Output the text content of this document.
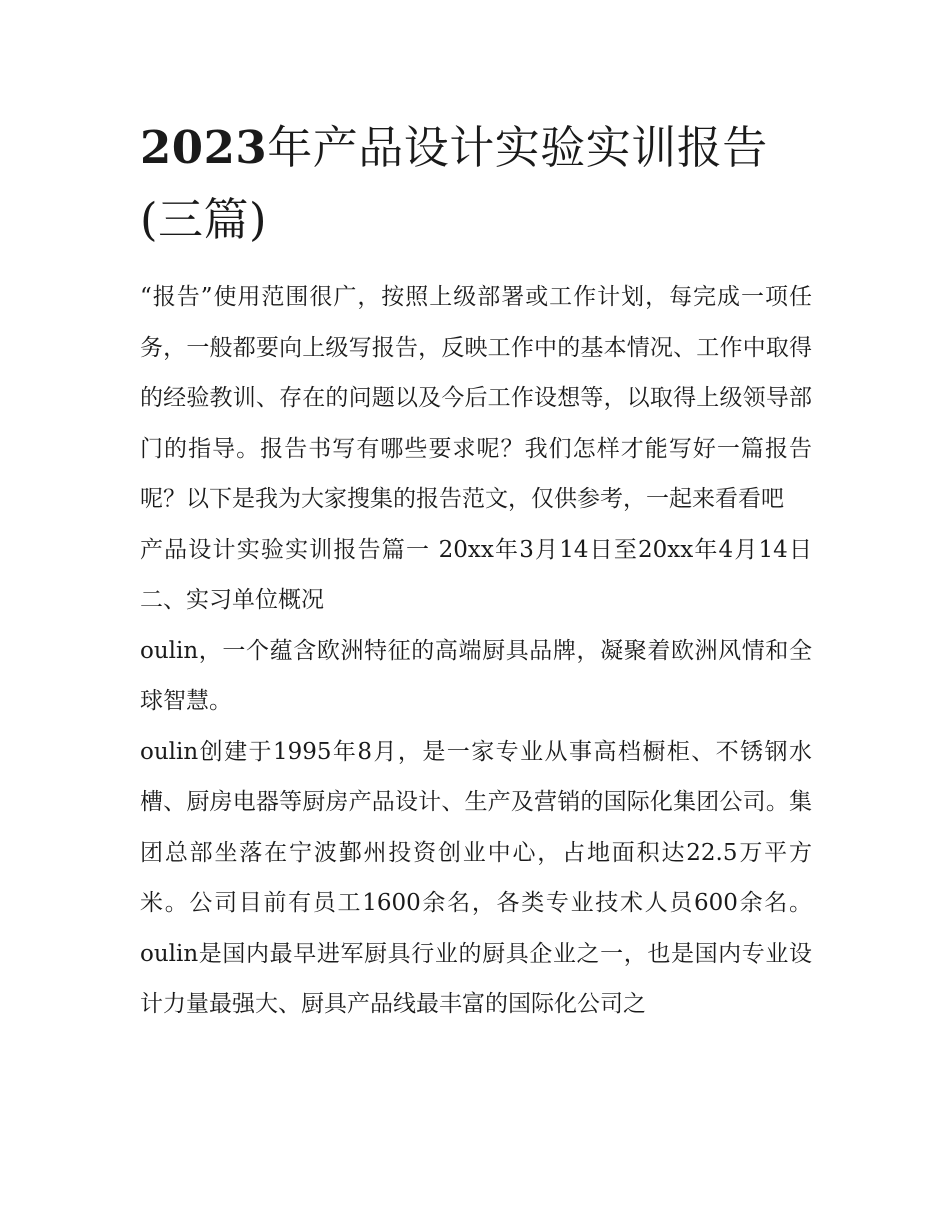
2023年产品设计实验实训报告(三篇)

“报告”使用范围很广，按照上级部署或工作计划，每完成一项任务，一般都要向上级写报告，反映工作中的基本情况、工作中取得的经验教训、存在的问题以及今后工作设想等，以取得上级领导部门的指导。报告书写有哪些要求呢？我们怎样才能写好一篇报告呢？以下是我为大家搜集的报告范文，仅供参考，一起来看看吧

产品设计实验实训报告篇一 20xx年3月14日至20xx年4月14日 二、实习单位概况

oulin，一个蕴含欧洲特征的高端厨具品牌，凝聚着欧洲风情和全球智慧。

oulin创建于1995年8月，是一家专业从事高档橱柜、不锈钢水槽、厨房电器等厨房产品设计、生产及营销的国际化集团公司。集团总部坐落在宁波鄞州投资创业中心，占地面积达22.5万平方米。公司目前有员工1600余名，各类专业技术人员600余名。oulin是国内最早进军厨具行业的厨具企业之一，也是国内专业设计力量最强大、厨具产品线最丰富的国际化公司之
